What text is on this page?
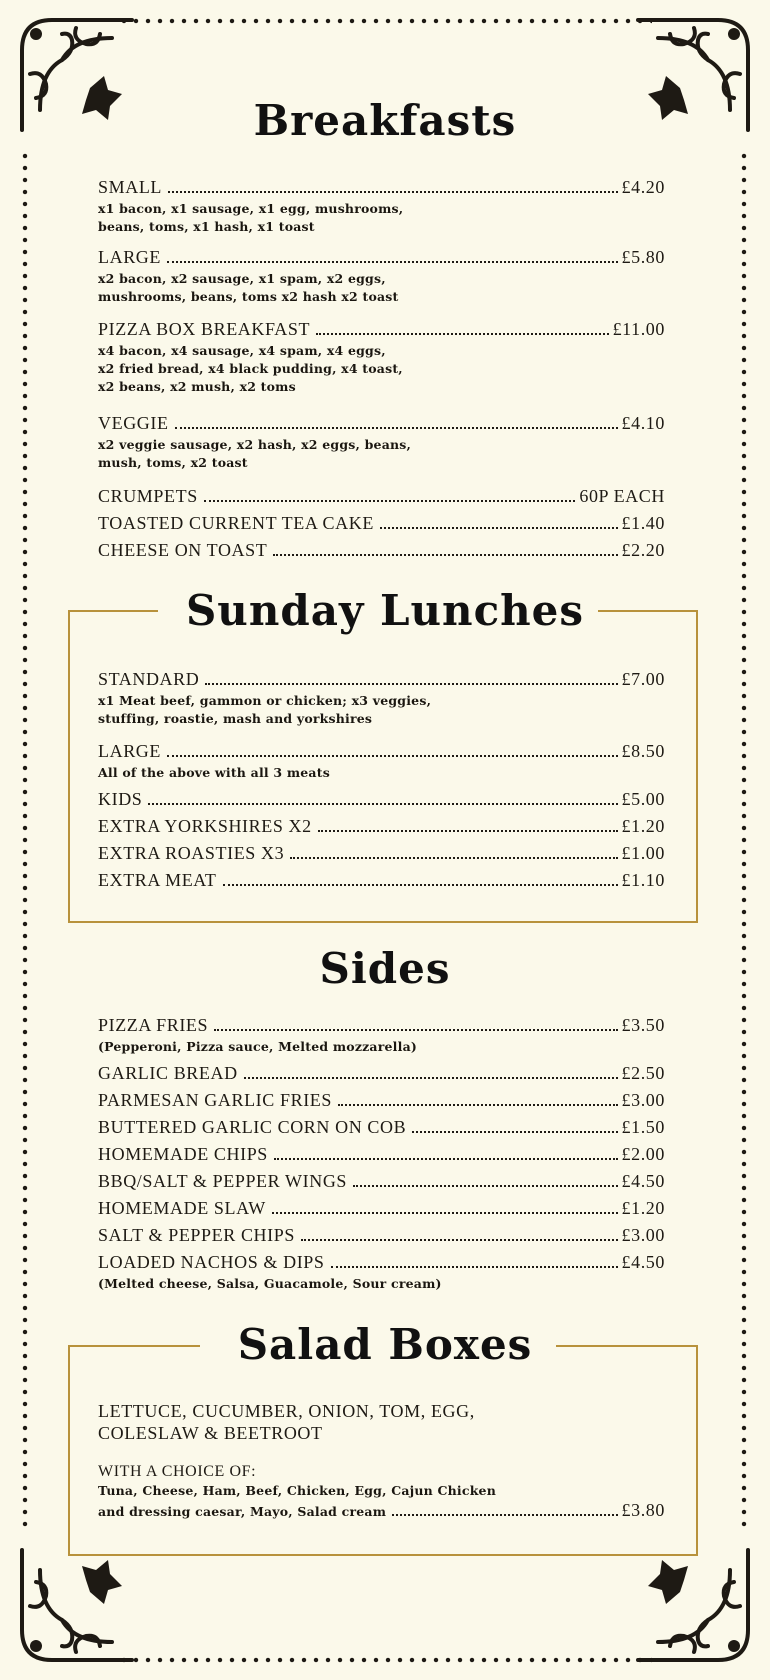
Breakfasts
SMALL	£4.20
x1 bacon, x1 sausage, x1 egg, mushrooms,
beans, toms, x1 hash, x1 toast
LARGE	£5.80
x2 bacon, x2 sausage, x1 spam, x2 eggs,
mushrooms, beans, toms x2 hash x2 toast
PIZZA BOX BREAKFAST	£11.00
x4 bacon, x4 sausage, x4 spam, x4 eggs,
x2 fried bread, x4 black pudding, x4 toast,
x2 beans, x2 mush, x2 toms
VEGGIE	£4.10
x2 veggie sausage, x2 hash, x2 eggs, beans,
mush, toms, x2 toast
CRUMPETS	60P EACH
TOASTED CURRENT TEA CAKE	£1.40
CHEESE ON TOAST	£2.20
Sunday Lunches
STANDARD	£7.00
x1 Meat beef, gammon or chicken; x3 veggies,
stuffing, roastie, mash and yorkshires
LARGE	£8.50
All of the above with all 3 meats
KIDS	£5.00
EXTRA YORKSHIRES X2	£1.20
EXTRA ROASTIES X3	£1.00
EXTRA MEAT	£1.10
Sides
PIZZA FRIES	£3.50
(Pepperoni, Pizza sauce, Melted mozzarella)
GARLIC BREAD	£2.50
PARMESAN GARLIC FRIES	£3.00
BUTTERED GARLIC CORN ON COB	£1.50
HOMEMADE CHIPS	£2.00
BBQ/SALT & PEPPER WINGS	£4.50
HOMEMADE SLAW	£1.20
SALT & PEPPER CHIPS	£3.00
LOADED NACHOS & DIPS	£4.50
(Melted cheese, Salsa, Guacamole, Sour cream)
Salad Boxes
LETTUCE, CUCUMBER, ONION, TOM, EGG,
COLESLAW & BEETROOT
WITH A CHOICE OF:
Tuna, Cheese, Ham, Beef, Chicken, Egg, Cajun Chicken
and dressing caesar, Mayo, Salad cream	£3.80
